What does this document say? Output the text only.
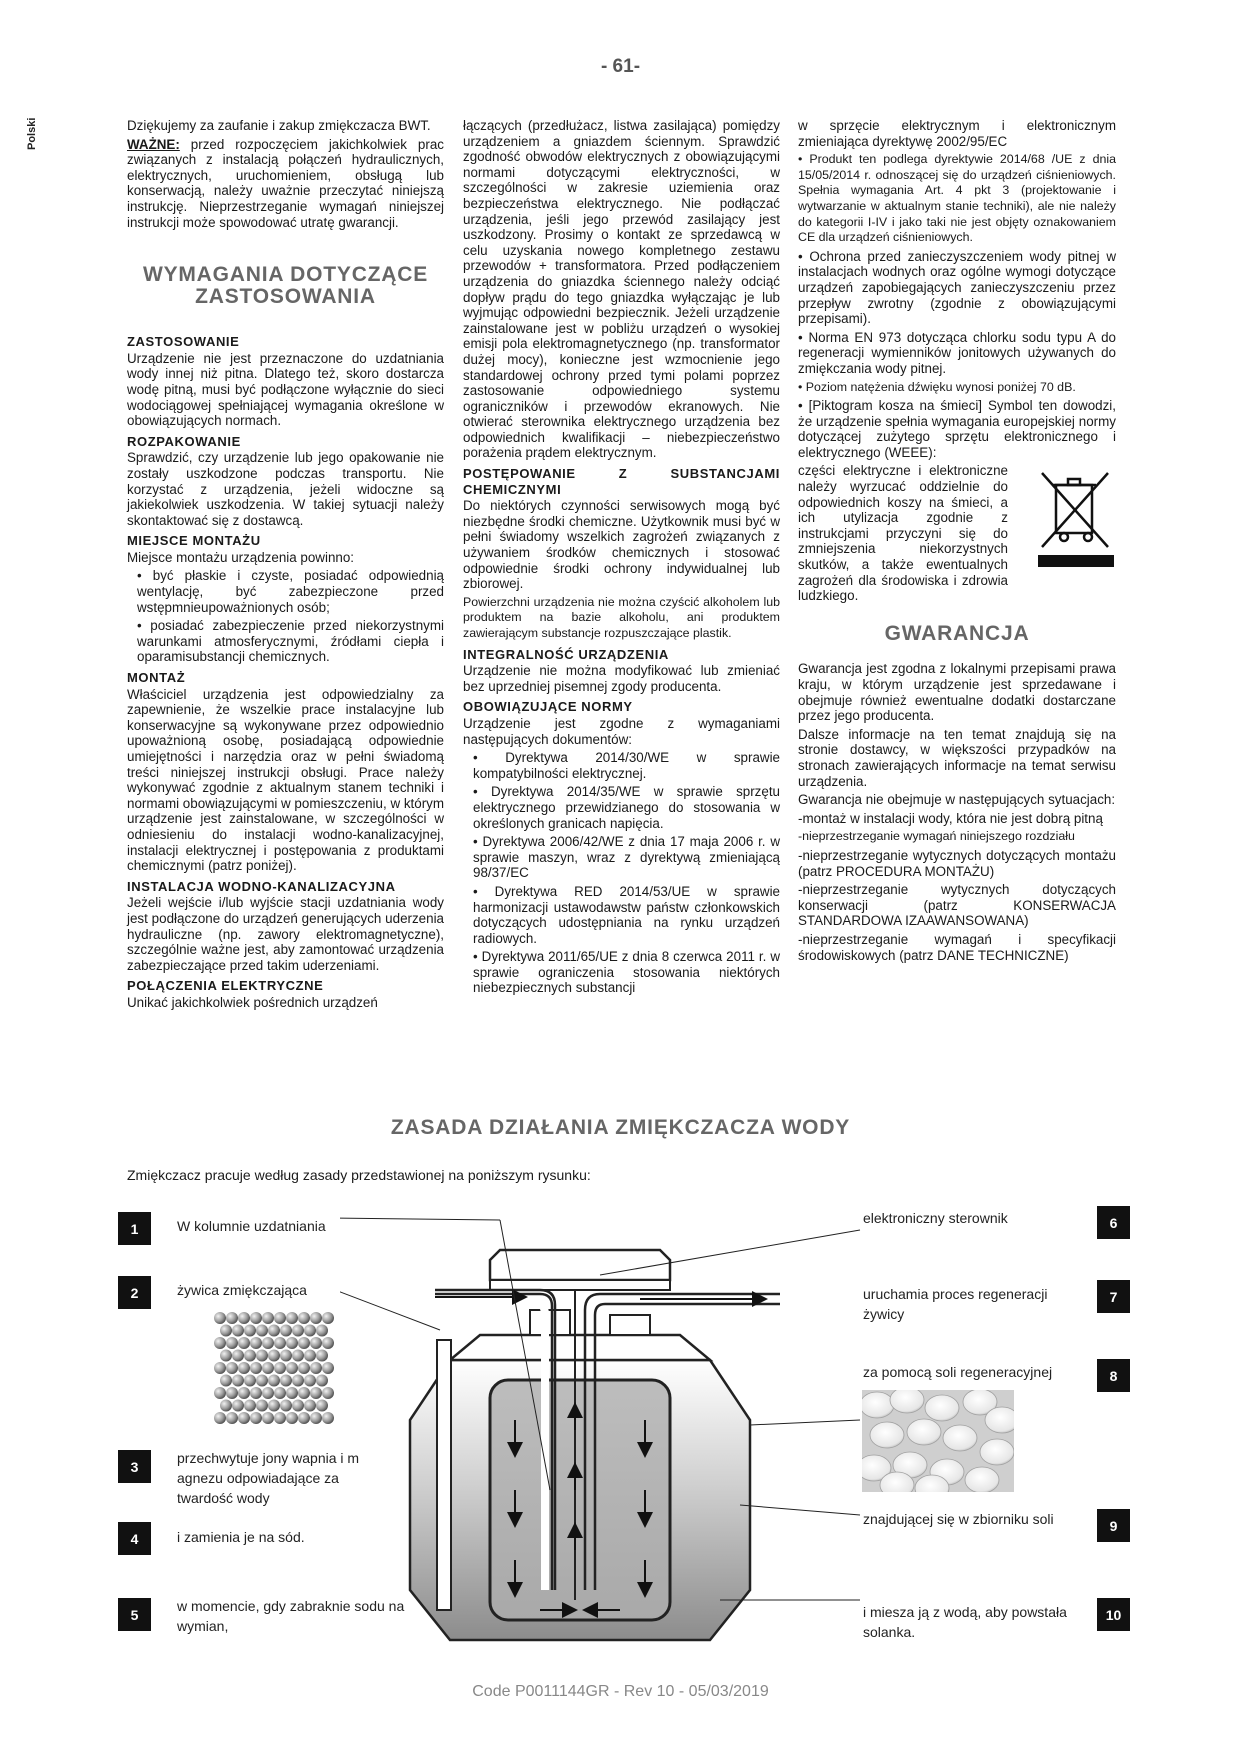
- 61-
Polski	Dziękujemy za zaufanie i zakup zmiękczacza BWT.

WAŻNE: przed rozpoczęciem jakichkolwiek prac związanych z instalacją połączeń hydraulicznych, elektrycznych, uruchomieniem, obsługą lub konserwacją, należy uważnie przeczytać niniejszą instrukcję. Nieprzestrzeganie wymagań niniejszej instrukcji może spowodować utratę gwarancji.

WYMAGANIA DOTYCZĄCE ZASTOSOWANIA
ZASTOSOWANIE

Urządzenie nie jest przeznaczone do uzdatniania wody innej niż pitna. Dlatego też, skoro dostarcza wodę pitną, musi być podłączone wyłącznie do sieci wodociągowej spełniającej wymagania określone w obowiązujących normach.

ROZPAKOWANIE

Sprawdzić, czy urządzenie lub jego opakowanie nie zostały uszkodzone podczas transportu. Nie korzystać z urządzenia, jeżeli widoczne są jakiekolwiek uszkodzenia. W takiej sytuacji należy skontaktować się z dostawcą.

MIEJSCE MONTAŻU

Miejsce montażu urządzenia powinno:

• być płaskie i czyste, posiadać odpowiednią wentylację, być zabezpieczone przed wstępmnieupoważnionych osób;

• posiadać zabezpieczenie przed niekorzystnymi warunkami atmosferycznymi, źródłami ciepła i oparamisubstancji chemicznych.

MONTAŻ

Właściciel urządzenia jest odpowiedzialny za zapewnienie, że wszelkie prace instalacyjne lub konserwacyjne są wykonywane przez odpowiednio upoważnioną osobę, posiadającą odpowiednie umiejętności i narzędzia oraz w pełni świadomą treści niniejszej instrukcji obsługi. Prace należy wykonywać zgodnie z aktualnym stanem techniki i normami obowiązującymi w pomieszczeniu, w którym urządzenie jest zainstalowane, w szczególności w odniesieniu do instalacji wodno-kanalizacyjnej, instalacji elektrycznej i postępowania z produktami chemicznymi (patrz poniżej).

INSTALACJA WODNO-KANALIZACYJNA

Jeżeli wejście i/lub wyjście stacji uzdatniania wody jest podłączone do urządzeń generujących uderzenia hydrauliczne (np. zawory elektromagnetyczne), szczególnie ważne jest, aby zamontować urządzenia zabezpieczające przed takim uderzeniami.

POŁĄCZENIA ELEKTRYCZNE

Unikać jakichkolwiek pośrednich urządzeń

łączących (przedłużacz, listwa zasilająca) pomiędzy urządzeniem a gniazdem ściennym. Sprawdzić zgodność obwodów elektrycznych z obowiązującymi normami dotyczącymi elektryczności, w szczególności w zakresie uziemienia oraz bezpieczeństwa elektrycznego. Nie podłączać urządzenia, jeśli jego przewód zasilający jest uszkodzony. Prosimy o kontakt ze sprzedawcą w celu uzyskania nowego kompletnego zestawu przewodów + transformatora. Przed podłączeniem urządzenia do gniazdka ściennego należy odciąć dopływ prądu do tego gniazdka wyłączając je lub wyjmując odpowiedni bezpiecznik. Jeżeli urządzenie zainstalowane jest w pobliżu urządzeń o wysokiej emisji pola elektromagnetycznego (np. transformator dużej mocy), konieczne jest wzmocnienie jego standardowej ochrony przed tymi polami poprzez zastosowanie odpowiedniego systemu ograniczników i przewodów ekranowych. Nie otwierać sterownika elektrycznego urządzenia bez odpowiednich kwalifikacji – niebezpieczeństwo porażenia prądem elektrycznym.

POSTĘPOWANIE Z SUBSTANCJAMI CHEMICZNYMI

Do niektórych czynności serwisowych mogą być niezbędne środki chemiczne. Użytkownik musi być w pełni świadomy wszelkich zagrożeń związanych z używaniem środków chemicznych i stosować odpowiednie środki ochrony indywidualnej lub zbiorowej.

Powierzchni urządzenia nie można czyścić alkoholem lub produktem na bazie alkoholu, ani produktem zawierającym substancje rozpuszczające plastik.

INTEGRALNOŚĆ URZĄDZENIA

Urządzenie nie można modyfikować lub zmieniać bez uprzedniej pisemnej zgody producenta.

OBOWIĄZUJĄCE NORMY

Urządzenie jest zgodne z wymaganiami następujących dokumentów:

• Dyrektywa 2014/30/WE w sprawie kompatybilności elektrycznej.

• Dyrektywa 2014/35/WE w sprawie sprzętu elektrycznego przewidzianego do stosowania w określonych granicach napięcia.

• Dyrektywa 2006/42/WE z dnia 17 maja 2006 r. w sprawie maszyn, wraz z dyrektywą zmieniającą 98/37/EC

• Dyrektywa RED 2014/53/UE w sprawie harmonizacji ustawodawstw państw członkowskich dotyczących udostępniania na rynku urządzeń radiowych.

• Dyrektywa 2011/65/UE z dnia 8 czerwca 2011 r. w sprawie ograniczenia stosowania niektórych niebezpiecznych substancji

w sprzęcie elektrycznym i elektronicznym zmieniająca dyrektywę 2002/95/EC

• Produkt ten podlega dyrektywie 2014/68 /UE z dnia 15/05/2014 r. odnoszącej się do urządzeń ciśnieniowych. Spełnia wymagania Art. 4 pkt 3 (projektowanie i wytwarzanie w aktualnym stanie techniki), ale nie należy do kategorii I-IV i jako taki nie jest objęty oznakowaniem CE dla urządzeń ciśnieniowych.

• Ochrona przed zanieczyszczeniem wody pitnej w instalacjach wodnych oraz ogólne wymogi dotyczące urządzeń zapobiegających zanieczyszczeniu przez przepływ zwrotny (zgodnie z obowiązującymi przepisami).

• Norma EN 973 dotycząca chlorku sodu typu A do regeneracji wymienników jonitowych używanych do zmiękczania wody pitnej.

• Poziom natężenia dźwięku wynosi poniżej 70 dB.

• [Piktogram kosza na śmieci] Symbol ten dowodzi, że urządzenie spełnia wymagania europejskiej normy dotyczącej zużytego sprzętu elektronicznego i elektrycznego (WEEE):

części elektryczne i elektroniczne należy wyrzucać oddzielnie do odpowiednich koszy na śmieci, a ich utylizacja zgodnie z instrukcjami przyczyni się do zmniejszenia niekorzystnych skutków, a także ewentualnych zagrożeń dla środowiska i zdrowia ludzkiego.

GWARANCJA

Gwarancja jest zgodna z lokalnymi przepisami prawa kraju, w którym urządzenie jest sprzedawane i obejmuje również ewentualne dodatki dostarczane przez jego producenta.

Dalsze informacje na ten temat znajdują się na stronie dostawcy, w większości przypadków na stronach zawierających informacje na temat serwisu urządzenia.

Gwarancja nie obejmuje w następujących sytuacjach:

-montaż w instalacji wody, która nie jest dobrą pitną

-nieprzestrzeganie wymagań niniejszego rozdziału

-nieprzestrzeganie wytycznych dotyczących montażu (patrz PROCEDURA MONTAŻU)

-nieprzestrzeganie wytycznych dotyczących konserwacji (patrz KONSERWACJA STANDARDOWA IZAAWANSOWANA)

-nieprzestrzeganie wymagań i specyfikacji środowiskowych (patrz DANE TECHNICZNE)

ZASADA DZIAŁANIA ZMIĘKCZACZA WODY
Zmiękczacz pracuje według zasady przedstawionej na poniższym rysunku:
1	W kolumnie uzdatniania
2	żywica zmiękczająca
3
przechwytuje jony wapnia i m agnezu odpowiadające za twardość wody
4	i zamienia je na sód.
5
w momencie, gdy zabraknie sodu na wymian,
elektroniczny sterownik	6
uruchamia proces regeneracji żywicy
7
za pomocą soli regeneracyjnej	8
znajdującej się w zbiorniku soli	9
i miesza ją z wodą, aby powstała solanka.
10
Code P0011144GR - Rev 10 - 05/03/2019
